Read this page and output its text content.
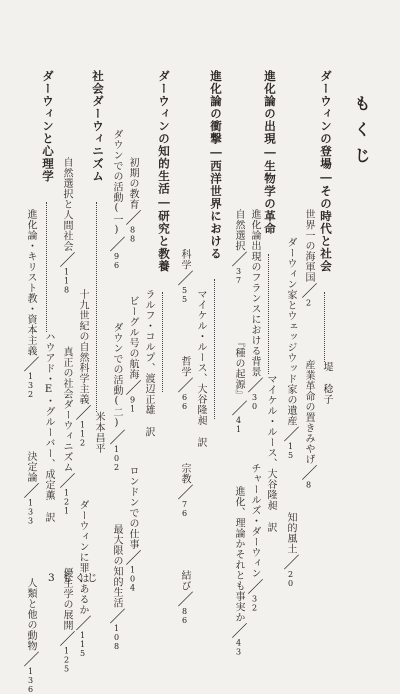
もくじ
ダーウィンの登場―その時代と社会 堤 稔子
世界一の海軍国／2  産業革命の置きみやげ／8
ダーウィン家とウェッジウッド家の遺産／15  知的風土／20
進化論の出現―生物学の革命 マイケル・ルース、大谷隆昶 訳
進化論出現のフランスにおける背景／30  チャールズ・ダーウィン／32
自然選択／37  『種の起源』／41  進化、理論かそれとも事実か／43
進化論の衝撃―西洋世界における
マイケル・ルース、大谷隆昶 訳
科学／55  哲学／66  宗教／76  結び／86
ダーウィンの知的生活―研究と教養
ラルフ・コルプ、渡辺正雄 訳
初期の教育／88  ビーグル号の航海／91  ロンドンでの仕事／104
ダウンでの活動(一)／96  ダウンでの活動(二)／102  最大限の知的生活／108
社会ダーウィニズム 米本昌平
十九世紀の自然科学主義／112  ダーウィンに罪はあるか／115
自然選択と人間社会／118  真正の社会ダーウィニズム／121  優生学の展開／125
ダーウィンと心理学 ハウアド・E・グルーバー、成定薫 訳
進化論・キリスト教・資本主義／132  決定論／133  人類と他の動物／136
3 もくじ
